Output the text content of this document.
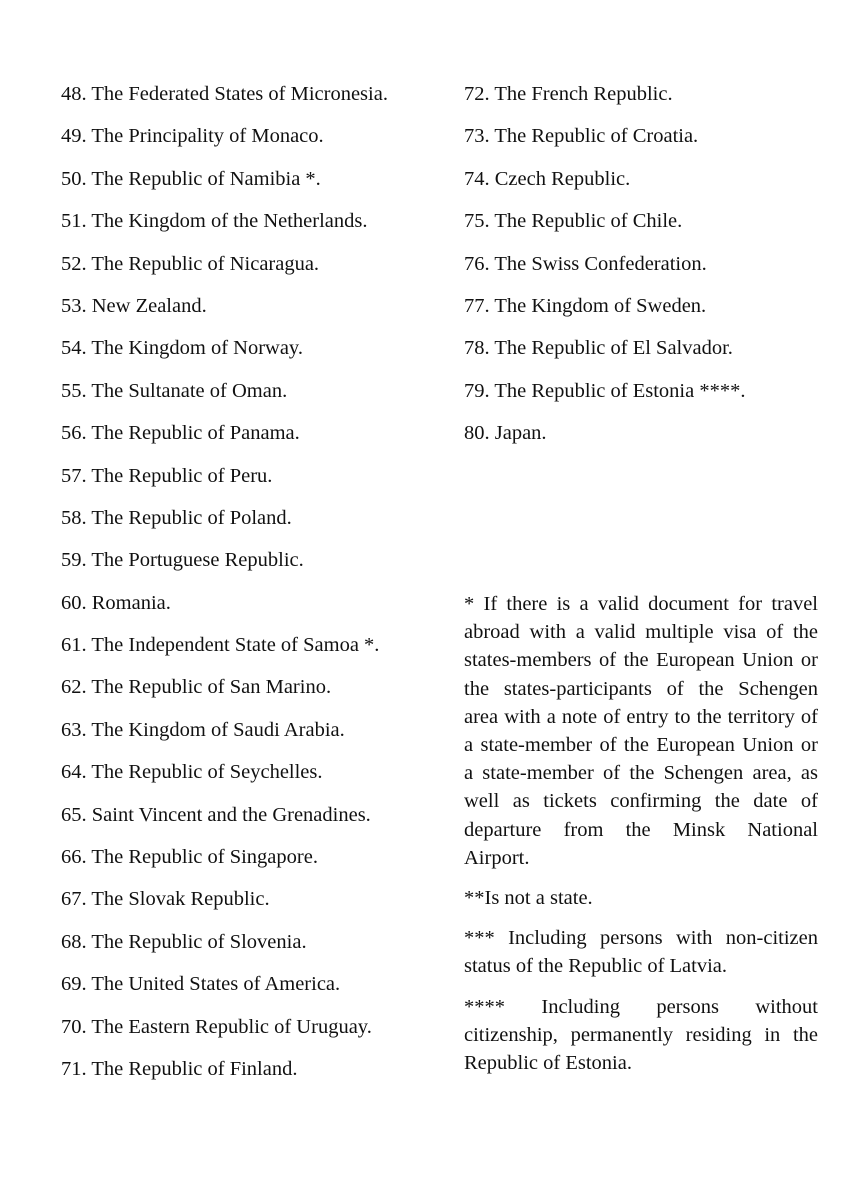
48. The Federated States of Micronesia.
49. The Principality of Monaco.
50. The Republic of Namibia *.
51. The Kingdom of the Netherlands.
52. The Republic of Nicaragua.
53. New Zealand.
54. The Kingdom of Norway.
55. The Sultanate of Oman.
56. The Republic of Panama.
57. The Republic of Peru.
58. The Republic of Poland.
59. The Portuguese Republic.
60. Romania.
61. The Independent State of Samoa *.
62. The Republic of San Marino.
63. The Kingdom of Saudi Arabia.
64. The Republic of Seychelles.
65. Saint Vincent and the Grenadines.
66. The Republic of Singapore.
67. The Slovak Republic.
68. The Republic of Slovenia.
69. The United States of America.
70. The Eastern Republic of Uruguay.
71. The Republic of Finland.
72. The French Republic.
73. The Republic of Croatia.
74. Czech Republic.
75. The Republic of Chile.
76. The Swiss Confederation.
77. The Kingdom of Sweden.
78. The Republic of El Salvador.
79. The Republic of Estonia ****.
80. Japan.

* If there is a valid document for travel abroad with a valid multiple visa of the states-members of the European Union or the states-participants of the Schengen area with a note of entry to the territory of a state-member of the European Union or a state-member of the Schengen area, as well as tickets confirming the date of departure from the Minsk National Airport.

**Is not a state.

*** Including persons with non-citizen status of the Republic of Latvia.

**** Including persons without citizenship, permanently residing in the Republic of Estonia.
